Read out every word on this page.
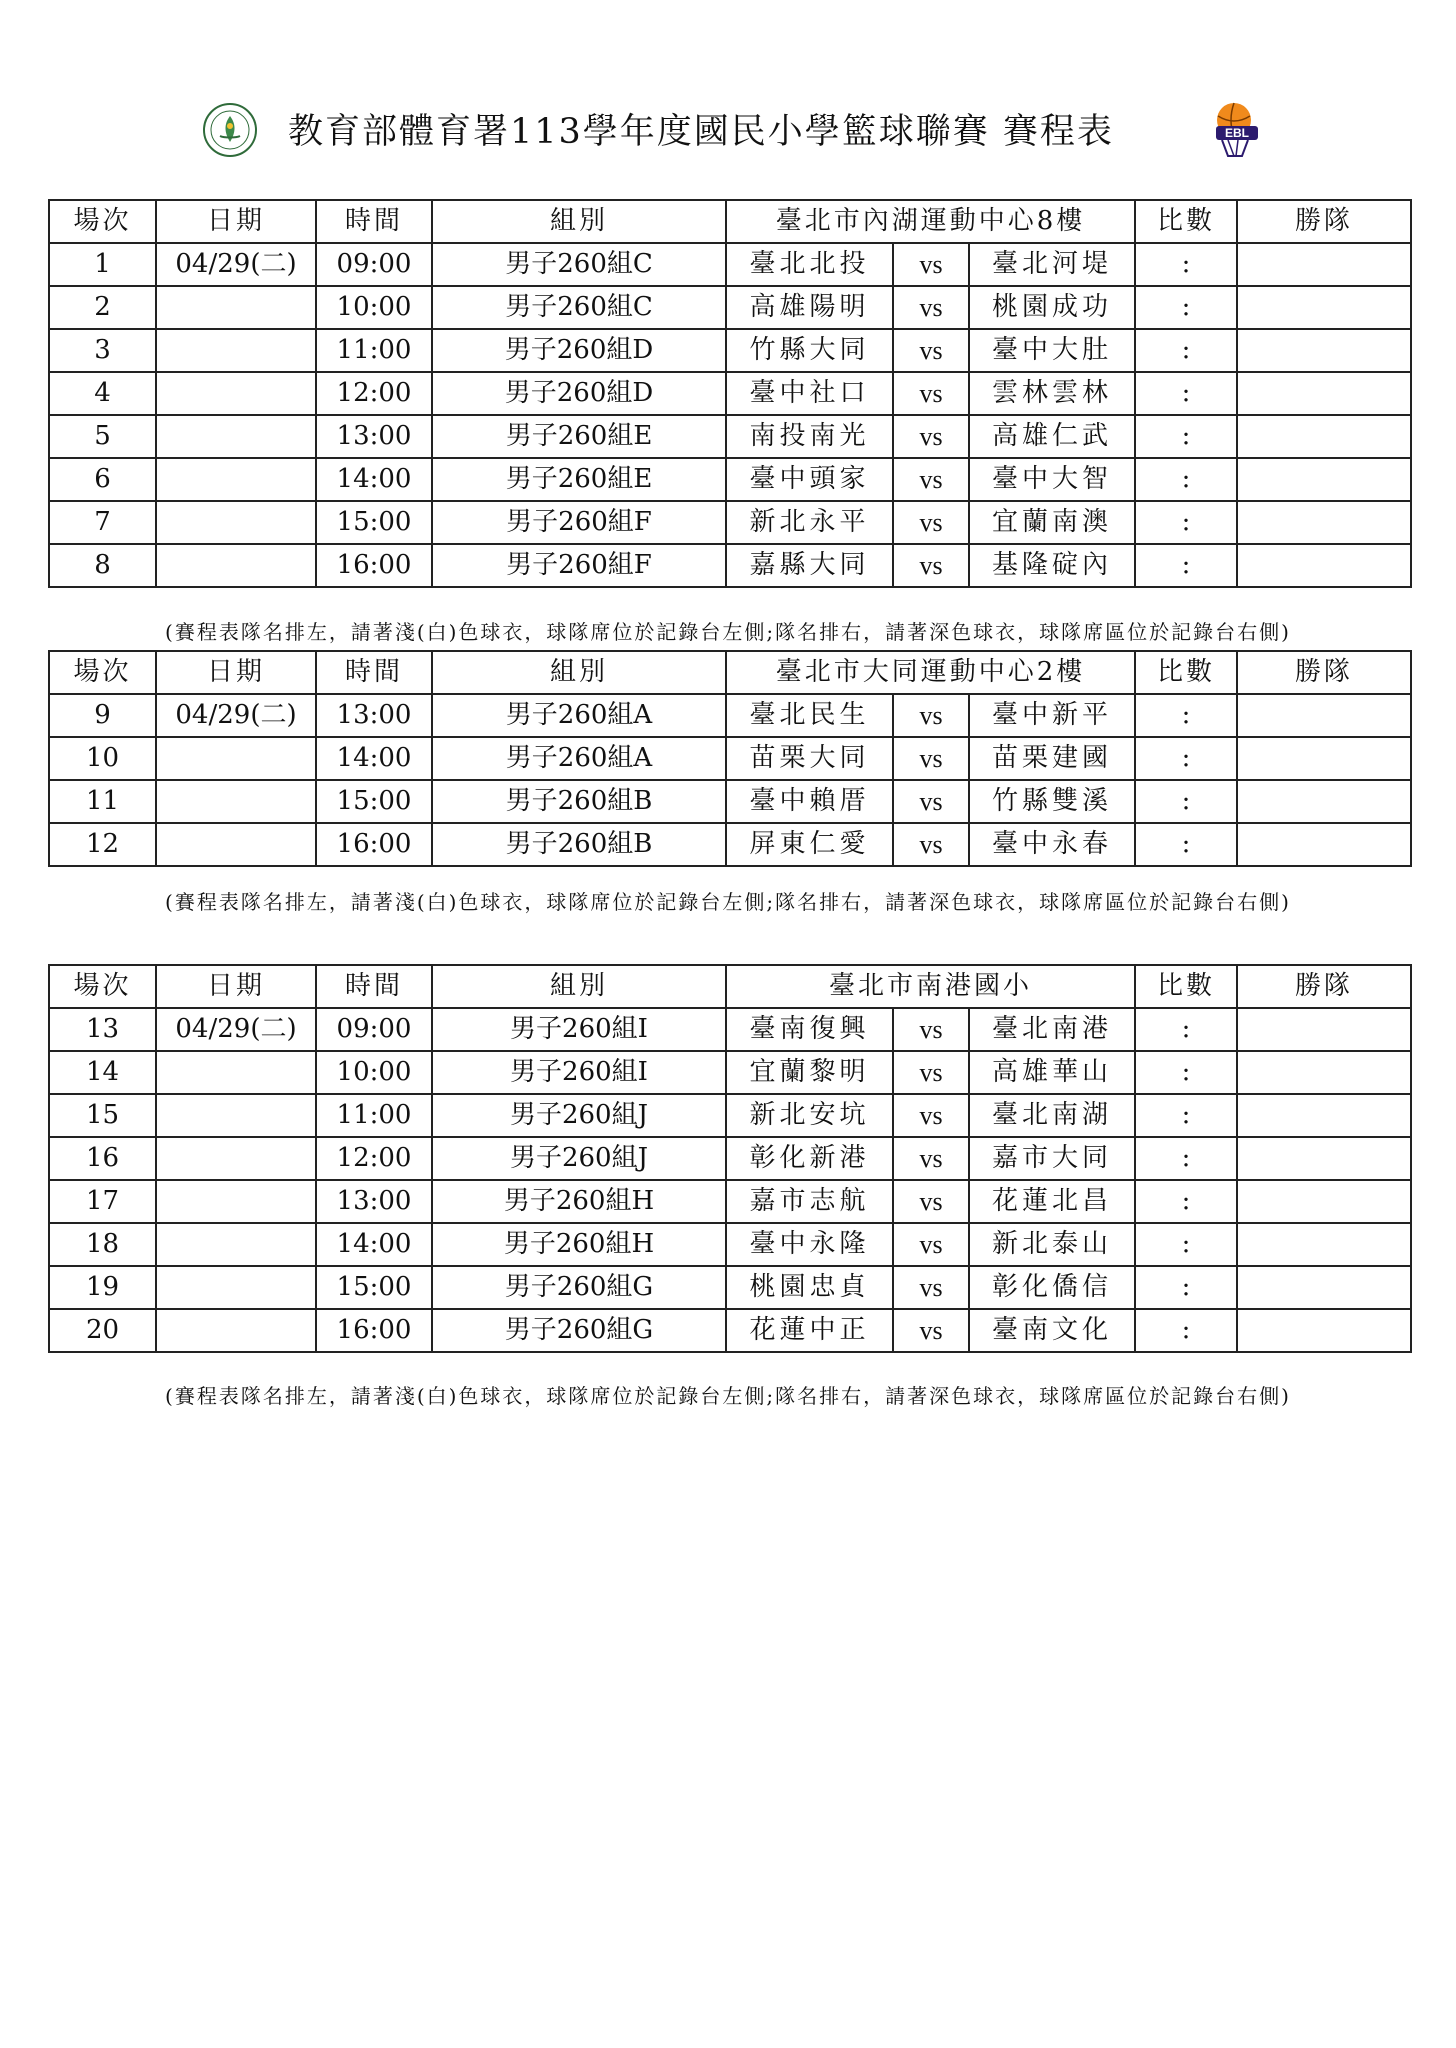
教育部體育署113學年度國民小學籃球聯賽 賽程表	EBL
場次	日期	時間	組別	臺北市內湖運動中心8樓			比數	勝隊
1	04/29(二)	09:00	男子260組C	臺北北投	vs	臺北河堤	:	
2		10:00	男子260組C	高雄陽明	vs	桃園成功	:	
3		11:00	男子260組D	竹縣大同	vs	臺中大肚	:	
4		12:00	男子260組D	臺中社口	vs	雲林雲林	:	
5		13:00	男子260組E	南投南光	vs	高雄仁武	:	
6		14:00	男子260組E	臺中頭家	vs	臺中大智	:	
7		15:00	男子260組F	新北永平	vs	宜蘭南澳	:	
8		16:00	男子260組F	嘉縣大同	vs	基隆碇內	:	
(賽程表隊名排左，請著淺(白)色球衣，球隊席位於記錄台左側;隊名排右，請著深色球衣，球隊席區位於記錄台右側)
場次	日期	時間	組別	臺北市大同運動中心2樓			比數	勝隊
9	04/29(二)	13:00	男子260組A	臺北民生	vs	臺中新平	:	
10		14:00	男子260組A	苗栗大同	vs	苗栗建國	:	
11		15:00	男子260組B	臺中賴厝	vs	竹縣雙溪	:	
12		16:00	男子260組B	屏東仁愛	vs	臺中永春	:	
(賽程表隊名排左，請著淺(白)色球衣，球隊席位於記錄台左側;隊名排右，請著深色球衣，球隊席區位於記錄台右側)
場次	日期	時間	組別	臺北市南港國小			比數	勝隊
13	04/29(二)	09:00	男子260組I	臺南復興	vs	臺北南港	:	
14		10:00	男子260組I	宜蘭黎明	vs	高雄華山	:	
15		11:00	男子260組J	新北安坑	vs	臺北南湖	:	
16		12:00	男子260組J	彰化新港	vs	嘉市大同	:	
17		13:00	男子260組H	嘉市志航	vs	花蓮北昌	:	
18		14:00	男子260組H	臺中永隆	vs	新北泰山	:	
19		15:00	男子260組G	桃園忠貞	vs	彰化僑信	:	
20		16:00	男子260組G	花蓮中正	vs	臺南文化	:	
(賽程表隊名排左，請著淺(白)色球衣，球隊席位於記錄台左側;隊名排右，請著深色球衣，球隊席區位於記錄台右側)
